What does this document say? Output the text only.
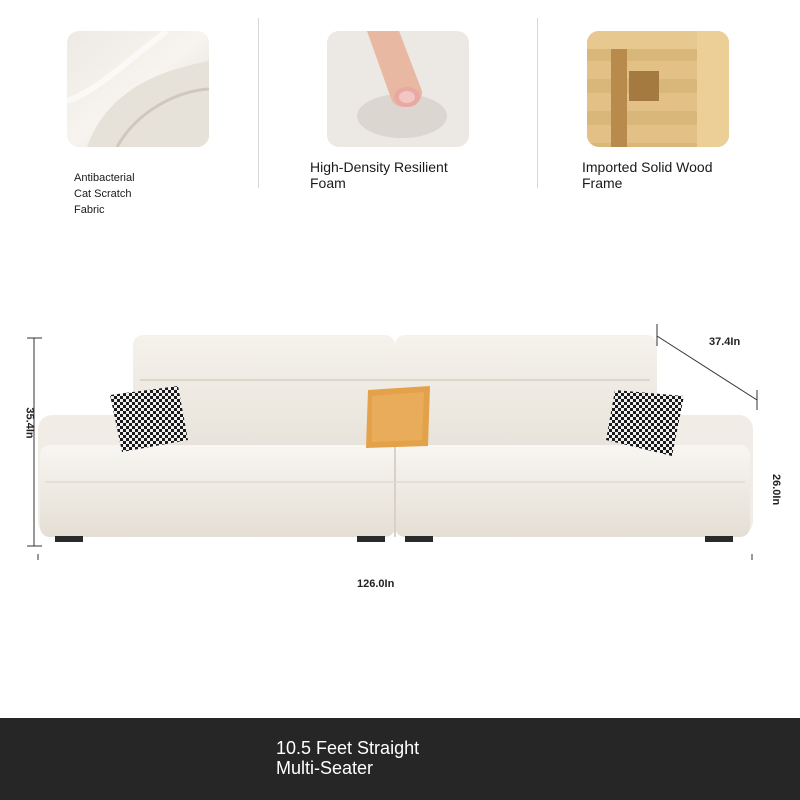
Antibacterial Cat Scratch Fabric
High-Density Resilient Foam
Imported Solid Wood Frame
35.4In
37.4In
126.0In
26.0In
10.5 Feet Straight
Multi-Seater
